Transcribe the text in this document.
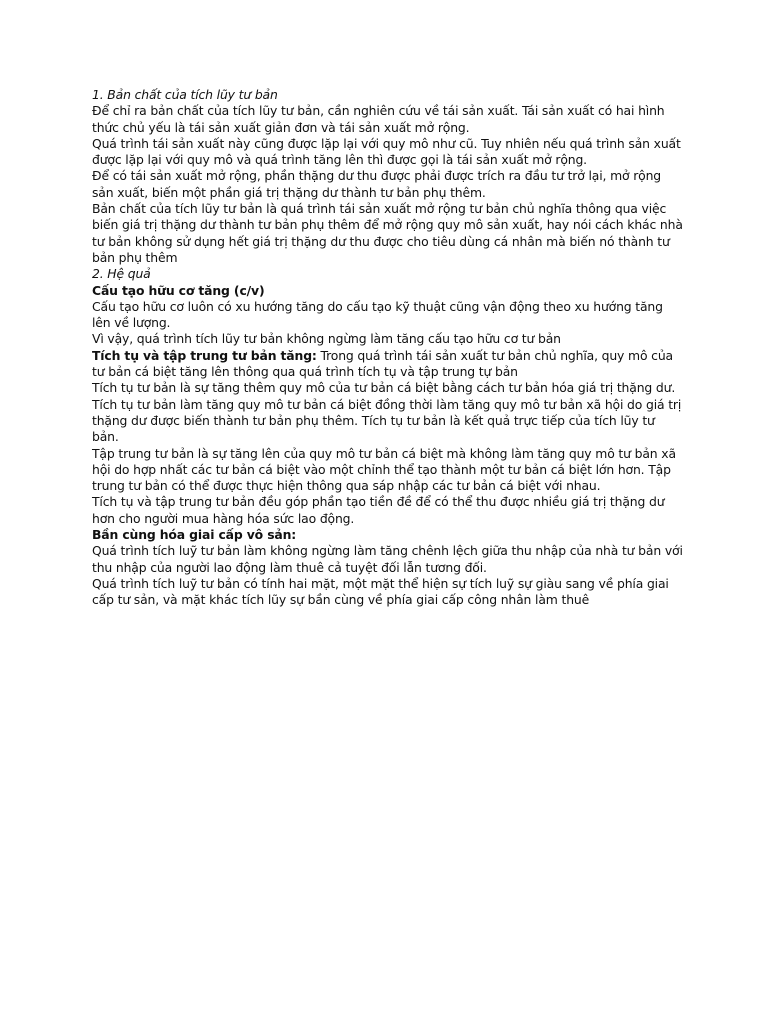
1. Bản chất của tích lũy tư bản

Để chỉ ra bản chất của tích lũy tư bản, cần nghiên cứu về tái sản xuất. Tái sản xuất có hai hình thức chủ yếu là tái sản xuất giản đơn và tái sản xuất mở rộng.

Quá trình tái sản xuất này cũng được lặp lại với quy mô như cũ. Tuy nhiên nếu quá trình sản xuất được lặp lại với quy mô và quá trình tăng lên thì được gọi là tái sản xuất mở rộng.

Để có tái sản xuất mở rộng, phần thặng dư thu được phải được trích ra đầu tư trở lại, mở rộng sản xuất, biến một phần giá trị thặng dư thành tư bản phụ thêm.

Bản chất của tích lũy tư bản là quá trình tái sản xuất mở rộng tư bản chủ nghĩa thông qua việc biến giá trị thặng dư thành tư bản phụ thêm để mở rộng quy mô sản xuất, hay nói cách khác nhà tư bản không sử dụng hết giá trị thặng dư thu được cho tiêu dùng cá nhân mà biến nó thành tư bản phụ thêm

2. Hệ quả

Cấu tạo hữu cơ tăng (c/v)

Cấu tạo hữu cơ luôn có xu hướng tăng do cấu tạo kỹ thuật cũng vận động theo xu hướng tăng lên về lượng.

Vì vậy, quá trình tích lũy tư bản không ngừng làm tăng cấu tạo hữu cơ tư bản

Tích tụ và tập trung tư bản tăng: Trong quá trình tái sản xuất tư bản chủ nghĩa, quy mô của tư bản cá biệt tăng lên thông qua quá trình tích tụ và tập trung tự bản

Tích tụ tư bản là sự tăng thêm quy mô của tư bản cá biệt bằng cách tư bản hóa giá trị thặng dư. Tích tụ tư bản làm tăng quy mô tư bản cá biệt đồng thời làm tăng quy mô tư bản xã hội do giá trị thặng dư được biến thành tư bản phụ thêm. Tích tụ tư bản là kết quả trực tiếp của tích lũy tư bản.

Tập trung tư bản là sự tăng lên của quy mô tư bản cá biệt mà không làm tăng quy mô tư bản xã hội do hợp nhất các tư bản cá biệt vào một chỉnh thể tạo thành một tư bản cá biệt lớn hơn. Tập trung tư bản có thể được thực hiện thông qua sáp nhập các tư bản cá biệt với nhau.

Tích tụ và tập trung tư bản đều góp phần tạo tiền đề để có thể thu được nhiều giá trị thặng dư hơn cho người mua hàng hóa sức lao động.

Bần cùng hóa giai cấp vô sản:

Quá trình tích luỹ tư bản làm không ngừng làm tăng chênh lệch giữa thu nhập của nhà tư bản với thu nhập của người lao động làm thuê cả tuyệt đối lẫn tương đối.

Quá trình tích luỹ tư bản có tính hai mặt, một mặt thể hiện sự tích luỹ sự giàu sang về phía giai cấp tư sản, và mặt khác tích lũy sự bần cùng về phía giai cấp công nhân làm thuê
